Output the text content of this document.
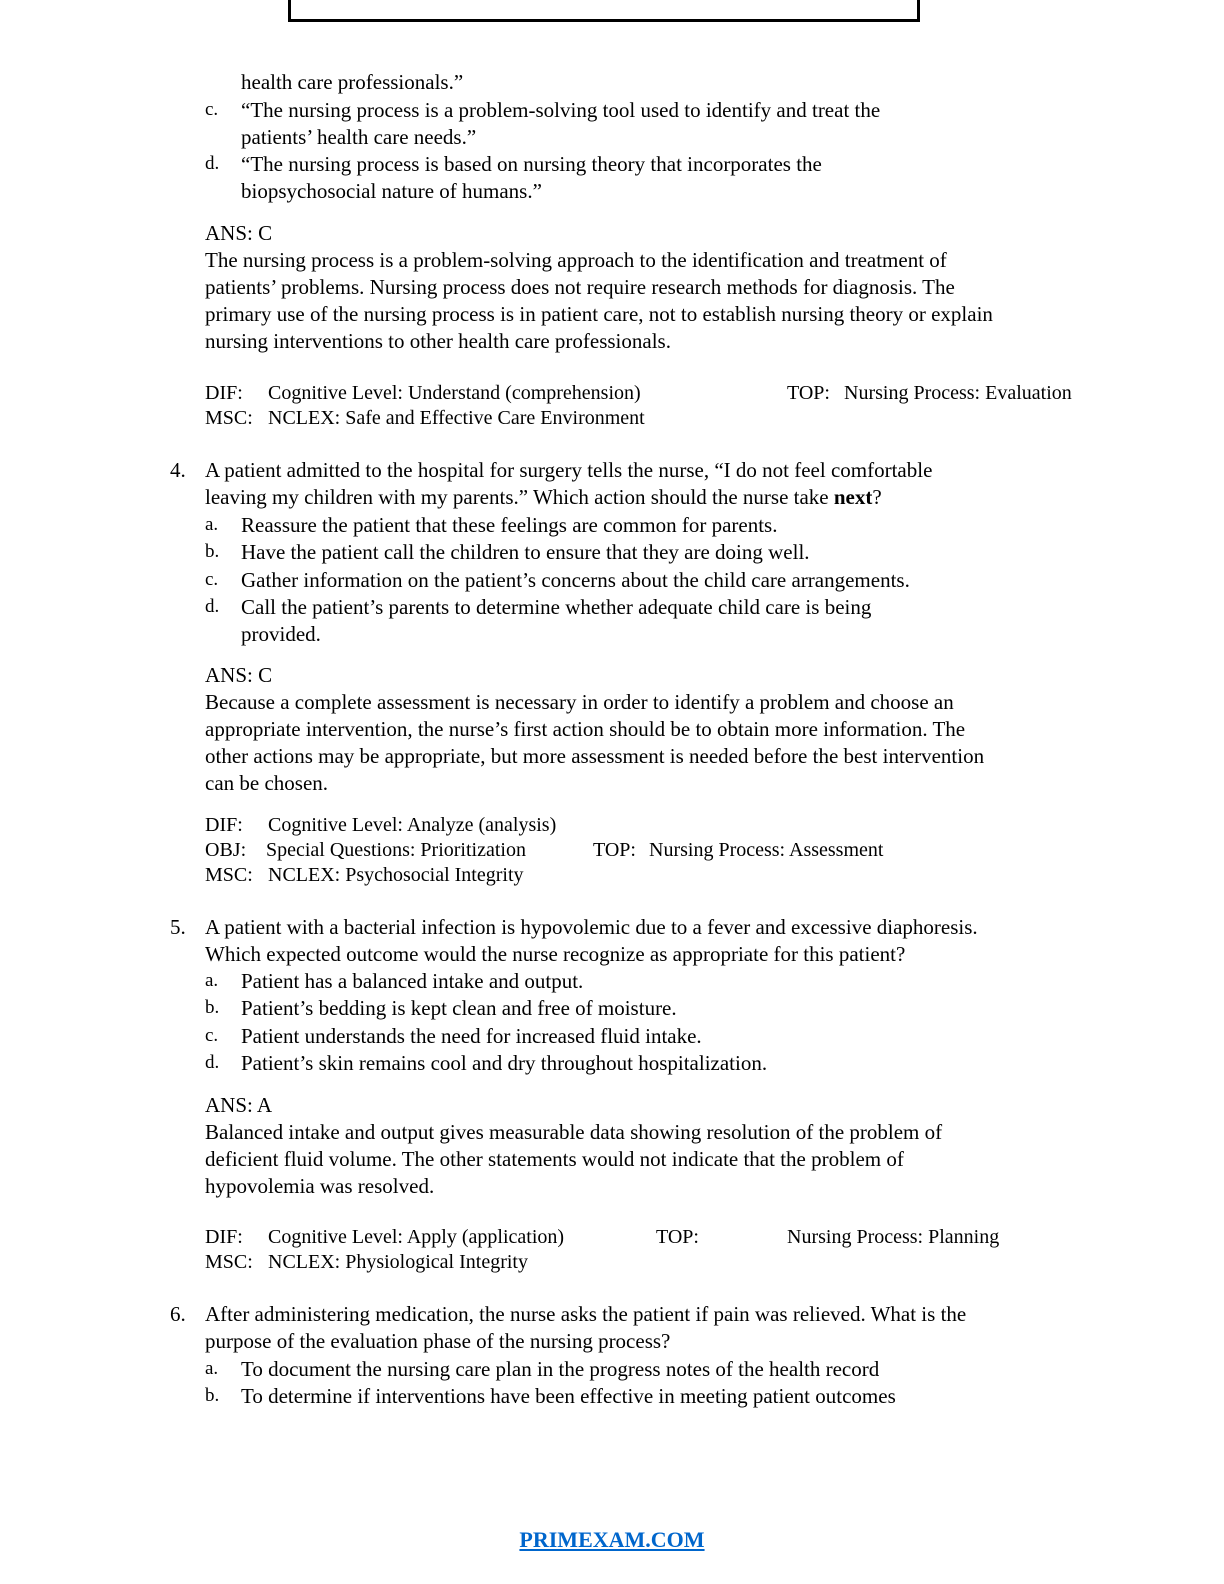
health care professionals.”
c. “The nursing process is a problem-solving tool used to identify and treat the
patients’ health care needs.”
d. “The nursing process is based on nursing theory that incorporates the
biopsychosocial nature of humans.”
ANS: C
The nursing process is a problem-solving approach to the identification and treatment of
patients’ problems. Nursing process does not require research methods for diagnosis. The
primary use of the nursing process is in patient care, not to establish nursing theory or explain
nursing interventions to other health care professionals.
DIF: Cognitive Level: Understand (comprehension)	TOP: Nursing Process: Evaluation
MSC: NCLEX: Safe and Effective Care Environment
4. A patient admitted to the hospital for surgery tells the nurse, “I do not feel comfortable
leaving my children with my parents.” Which action should the nurse take next?
a. Reassure the patient that these feelings are common for parents.
b. Have the patient call the children to ensure that they are doing well.
c. Gather information on the patient’s concerns about the child care arrangements.
d. Call the patient’s parents to determine whether adequate child care is being
provided.
ANS: C
Because a complete assessment is necessary in order to identify a problem and choose an
appropriate intervention, the nurse’s first action should be to obtain more information. The
other actions may be appropriate, but more assessment is needed before the best intervention
can be chosen.
DIF: Cognitive Level: Analyze (analysis)
OBJ: Special Questions: Prioritization	TOP: Nursing Process: Assessment
MSC: NCLEX: Psychosocial Integrity
5. A patient with a bacterial infection is hypovolemic due to a fever and excessive diaphoresis.
Which expected outcome would the nurse recognize as appropriate for this patient?
a. Patient has a balanced intake and output.
b. Patient’s bedding is kept clean and free of moisture.
c. Patient understands the need for increased fluid intake.
d. Patient’s skin remains cool and dry throughout hospitalization.
ANS: A
Balanced intake and output gives measurable data showing resolution of the problem of
deficient fluid volume. The other statements would not indicate that the problem of
hypovolemia was resolved.
DIF: Cognitive Level: Apply (application)	TOP:	Nursing Process: Planning
MSC: NCLEX: Physiological Integrity
6. After administering medication, the nurse asks the patient if pain was relieved. What is the
purpose of the evaluation phase of the nursing process?
a. To document the nursing care plan in the progress notes of the health record
b. To determine if interventions have been effective in meeting patient outcomes
PRIMEXAM.COM
